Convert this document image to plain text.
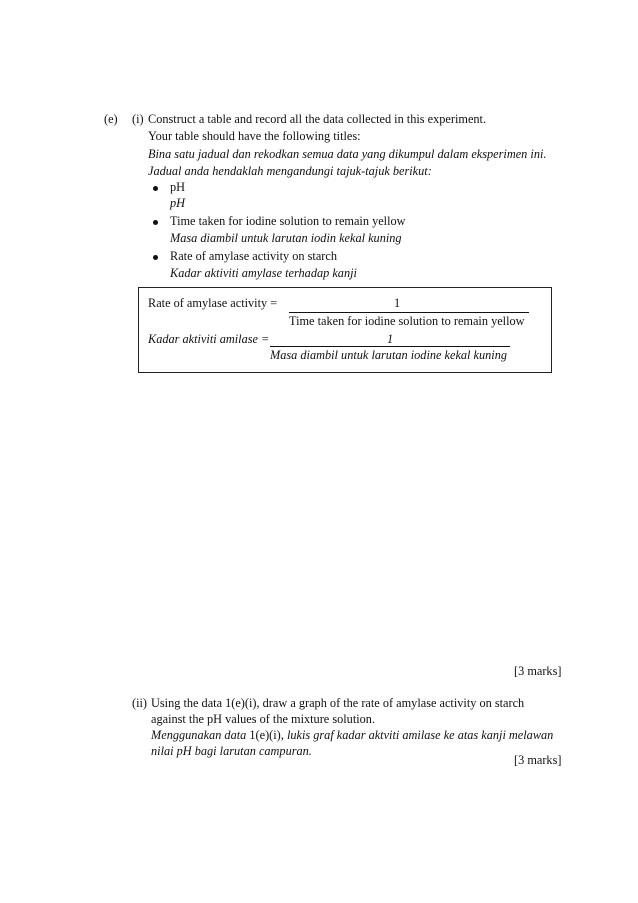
(e) (i) Construct a table and record all the data collected in this experiment.
Your table should have the following titles:
Bina satu jadual dan rekodkan semua data yang dikumpul dalam eksperimen ini.
Jadual anda hendaklah mengandungi tajuk-tajuk berikut:
pH
pH
Time taken for iodine solution to remain yellow
Masa diambil untuk larutan iodin kekal kuning
Rate of amylase activity on starch
Kadar aktiviti amylase terhadap kanji
Rate of amylase activity =	1
Time taken for iodine solution to remain yellow
Kadar aktiviti amilase =	1
Masa diambil untuk larutan iodine kekal kuning
[3 marks]
(ii) Using the data 1(e)(i), draw a graph of the rate of amylase activity on starch
against the pH values of the mixture solution.
Menggunakan data 1(e)(i), lukis graf kadar aktviti amilase ke atas kanji melawan
nilai pH bagi larutan campuran.
[3 marks]
